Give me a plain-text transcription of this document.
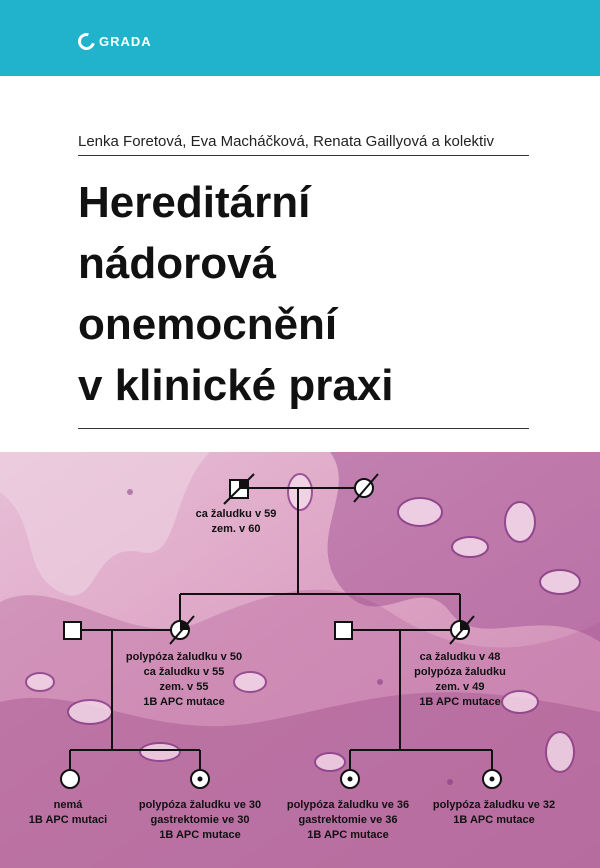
GRADA
Lenka Foretová, Eva Macháčková, Renata Gaillyová a kolektiv
Hereditární
nádorová
onemocnění
v klinické praxi
ca žaludku v 59
zem. v 60
polypóza žaludku v 50
ca žaludku v 55
zem. v 55
1B APC mutace
ca žaludku v 48
polypóza žaludku
zem. v 49
1B APC mutace
nemá
1B APC mutaci
polypóza žaludku ve 30
gastrektomie ve 30
1B APC mutace
polypóza žaludku ve 36
gastrektomie ve 36
1B APC mutace
polypóza žaludku ve 32
1B APC mutace
